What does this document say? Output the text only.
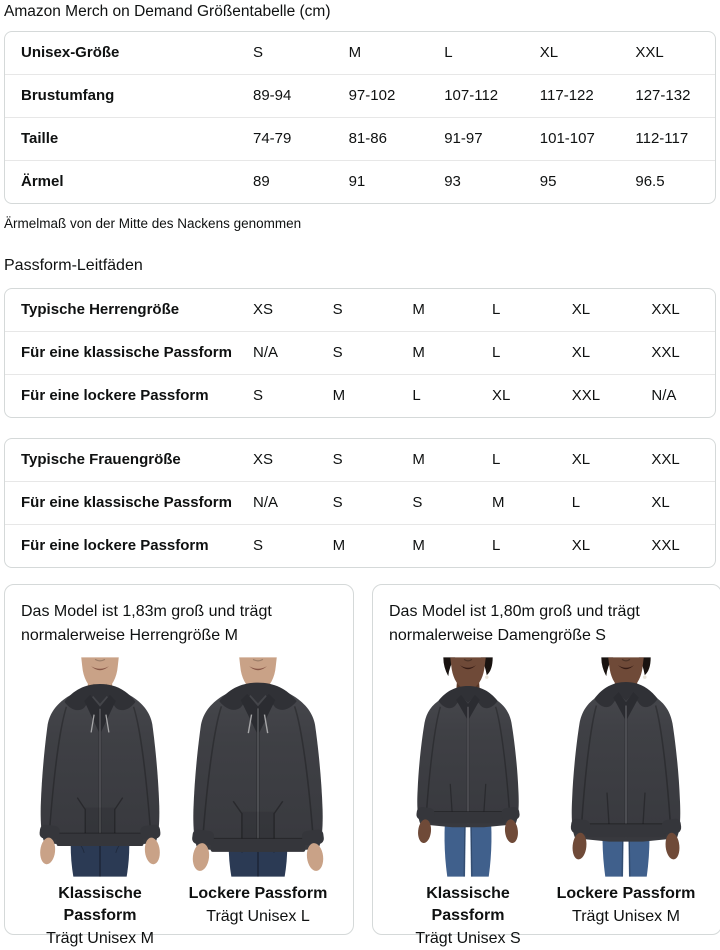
Amazon Merch on Demand Größentabelle (cm)
Unisex-Größe	S	M	L	XL	XXL
Brustumfang	89-94	97-102	107-112	117-122	127-132
Taille	74-79	81-86	91-97	101-107	112-117
Ärmel	89	91	93	95	96.5

Ärmelmaß von der Mitte des Nackens genommen

Passform-Leitfäden
Typische Herrengröße	XS	S	M	L	XL	XXL
Für eine klassische Passform	N/A	S	M	L	XL	XXL
Für eine lockere Passform	S	M	L	XL	XXL	N/A
Typische Frauengröße	XS	S	M	L	XL	XXL
Für eine klassische Passform	N/A	S	S	M	L	XL
Für eine lockere Passform	S	M	M	L	XL	XXL

Das Model ist 1,83m groß und trägt normalerweise Herrengröße M

Klassische Passform
Trägt Unisex M
Lockere Passform
Trägt Unisex L

Das Model ist 1,80m groß und trägt normalerweise Damengröße S

Klassische Passform
Trägt Unisex S
Lockere Passform
Trägt Unisex M
